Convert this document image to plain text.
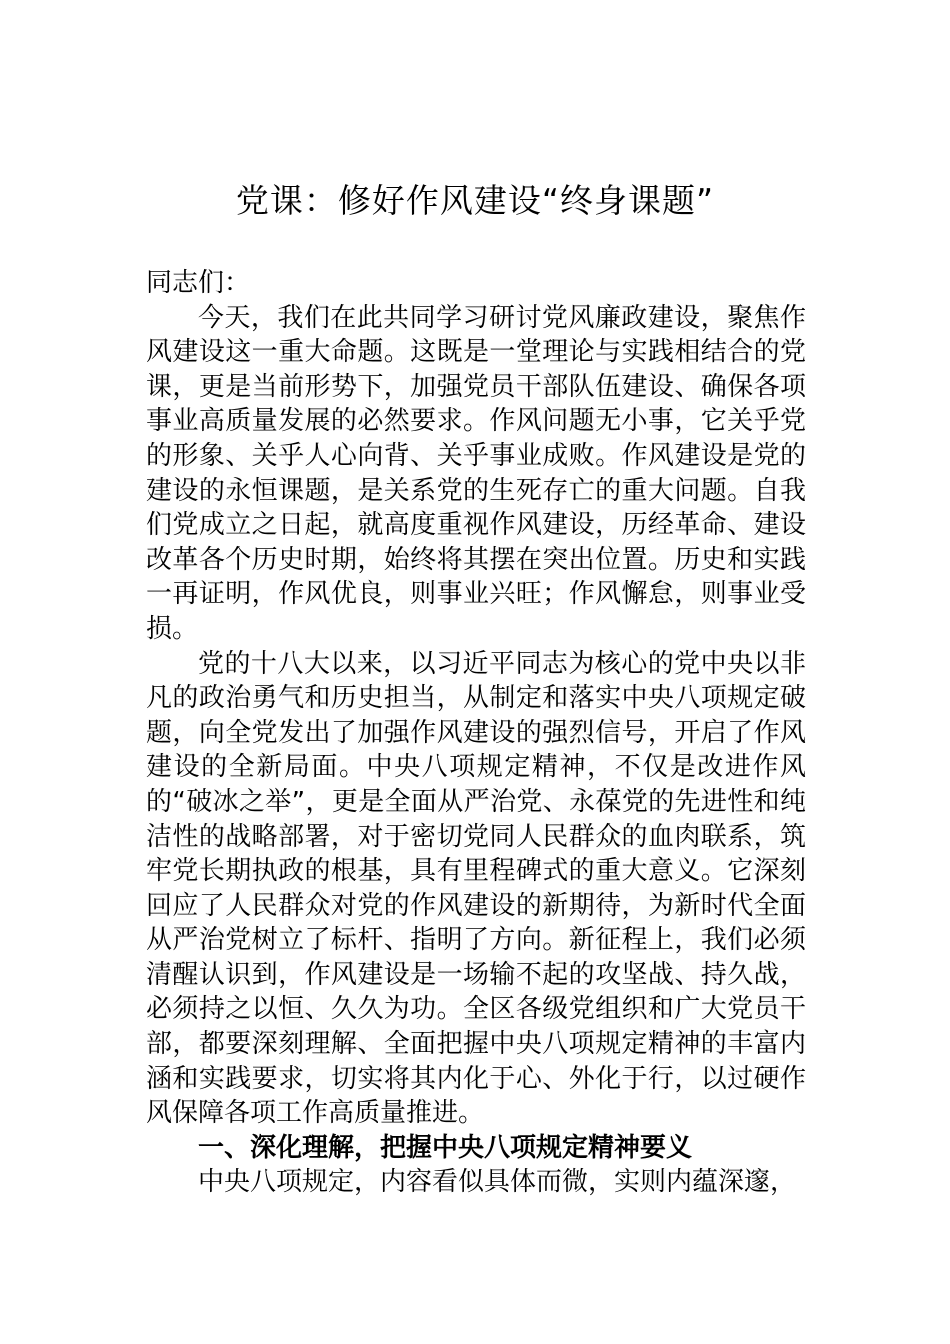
党课：修好作风建设“终身课题”

同志们：

今天，我们在此共同学习研讨党风廉政建设，聚焦作风建设这一重大命题。这既是一堂理论与实践相结合的党课，更是当前形势下，加强党员干部队伍建设、确保各项事业高质量发展的必然要求。作风问题无小事，它关乎党的形象、关乎人心向背、关乎事业成败。作风建设是党的建设的永恒课题，是关系党的生死存亡的重大问题。自我们党成立之日起，就高度重视作风建设，历经革命、建设改革各个历史时期，始终将其摆在突出位置。历史和实践一再证明，作风优良，则事业兴旺；作风懈怠，则事业受损。

党的十八大以来，以习近平同志为核心的党中央以非凡的政治勇气和历史担当，从制定和落实中央八项规定破题，向全党发出了加强作风建设的强烈信号，开启了作风建设的全新局面。中央八项规定精神，不仅是改进作风的“破冰之举”，更是全面从严治党、永葆党的先进性和纯洁性的战略部署，对于密切党同人民群众的血肉联系，筑牢党长期执政的根基，具有里程碑式的重大意义。它深刻回应了人民群众对党的作风建设的新期待，为新时代全面从严治党树立了标杆、指明了方向。新征程上，我们必须清醒认识到，作风建设是一场输不起的攻坚战、持久战，必须持之以恒、久久为功。全区各级党组织和广大党员干部，都要深刻理解、全面把握中央八项规定精神的丰富内涵和实践要求，切实将其内化于心、外化于行，以过硬作风保障各项工作高质量推进。

一、深化理解，把握中央八项规定精神要义

中央八项规定，内容看似具体而微，实则内蕴深邃，
